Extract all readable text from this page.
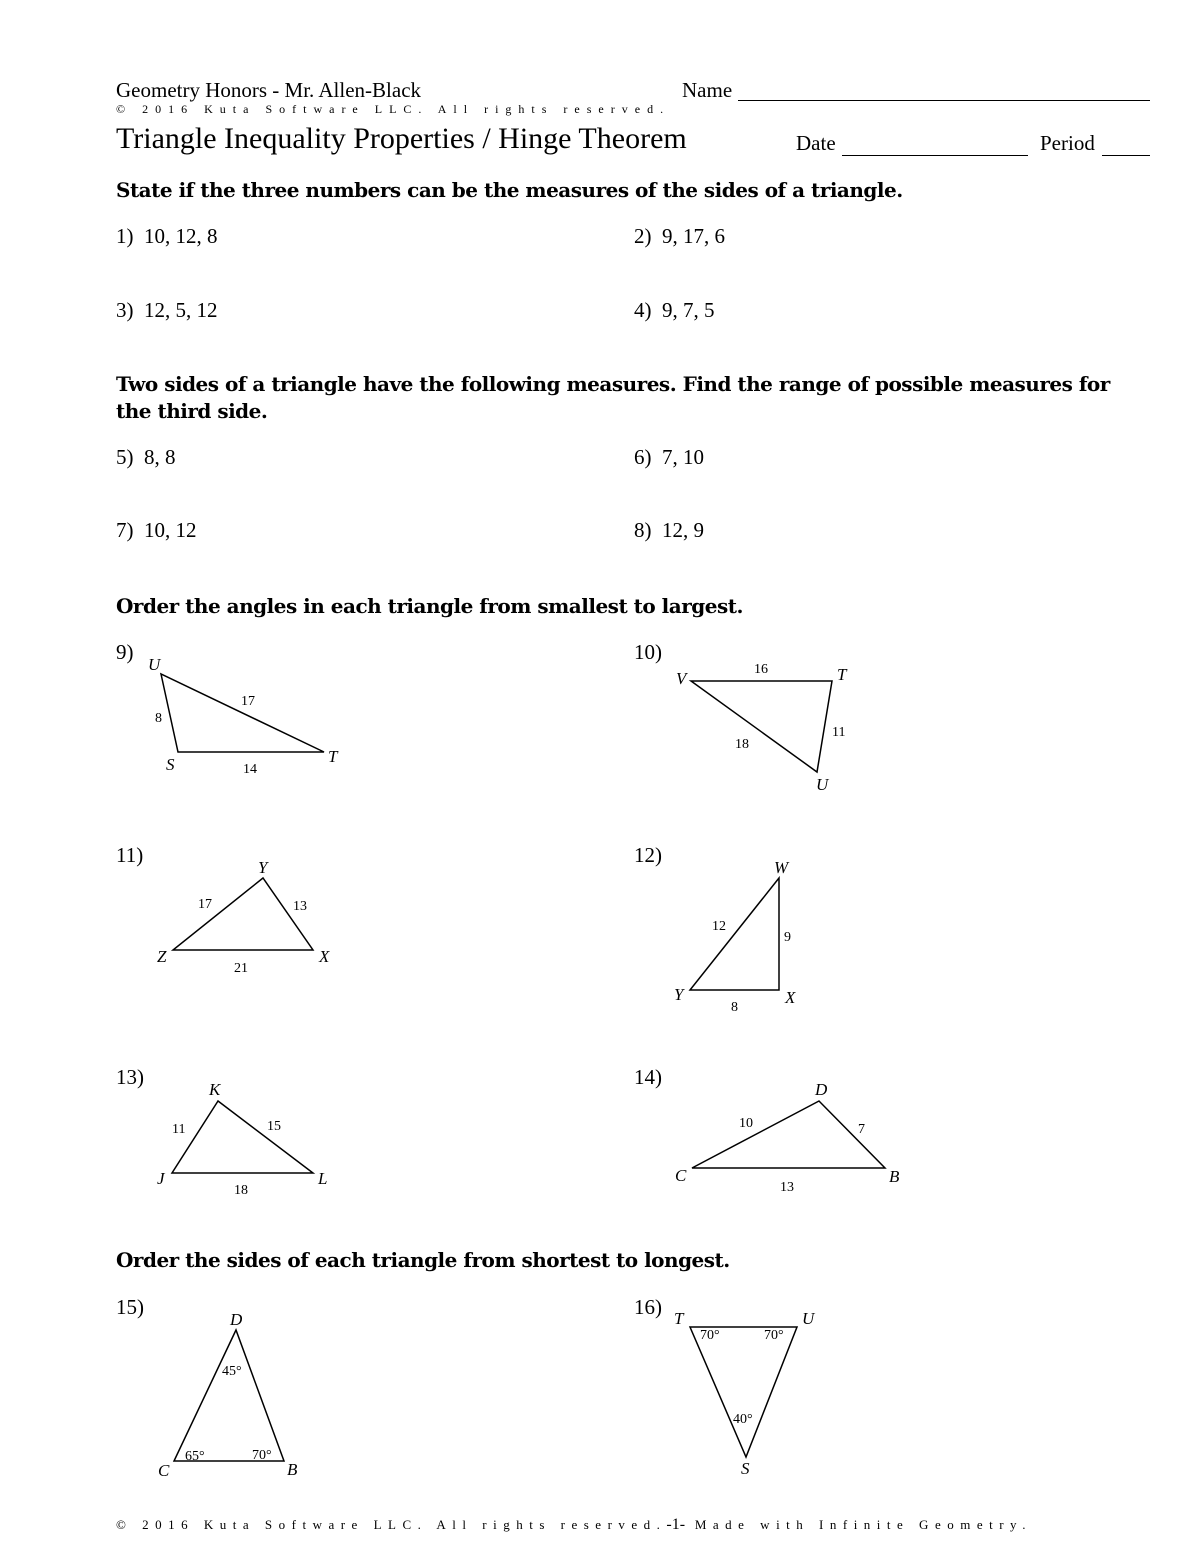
Geometry Honors - Mr. Allen-Black	Name
© 2016 Kuta Software LLC. All rights reserved.
Triangle Inequality Properties / Hinge Theorem	Date	Period
State if the three numbers can be the measures of the sides of a triangle.
1) 10, 12, 8	2) 9, 17, 6
3) 12, 5, 12	4) 9, 7, 5
Two sides of a triangle have the following measures. Find the range of possible measures for
the third side.
5) 8, 8	6) 7, 10
7) 10, 12	8) 12, 9
Order the angles in each triangle from smallest to largest.
9)	10)
11)	12)
13)	14)
Order the sides of each triangle from shortest to longest.
15)	16)
U
S	T
17
8
14
V	T
U
16
11
18
Y
Z	X
17	13
21
W
Y	X
12
9
8
K
J	L
11	15
18
D
C	B
10	7
13
D
C	B
45°
65°	70°
T	U
S
70°	70°
40°
© 2016 Kuta Software LLC. All rights reserved.-1- Made with Infinite Geometry.
